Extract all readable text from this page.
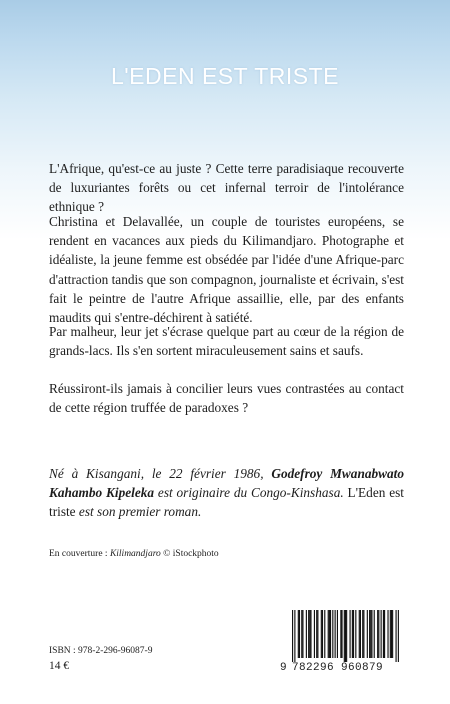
L'EDEN EST TRISTE

L'Afrique, qu'est-ce au juste ? Cette terre paradisiaque recouverte de luxuriantes forêts ou cet infernal terroir de l'intolérance ethnique ?

Christina et Delavallée, un couple de touristes européens, se rendent en vacances aux pieds du Kilimandjaro. Photographe et idéaliste, la jeune femme est obsédée par l'idée d'une Afrique-parc d'attraction tandis que son compagnon, journaliste et écrivain, s'est fait le peintre de l'autre Afrique assaillie, elle, par des enfants maudits qui s'entre-déchirent à satiété.

Par malheur, leur jet s'écrase quelque part au cœur de la région de grands-lacs. Ils s'en sortent miraculeusement sains et saufs.

Réussiront-ils jamais à concilier leurs vues contrastées au contact de cette région truffée de paradoxes ?

Né à Kisangani, le 22 février 1986, Godefroy Mwanabwato Kahambo Kipeleka est originaire du Congo-Kinshasa. L'Eden est triste est son premier roman.

En couverture : Kilimandjaro © iStockphoto

ISBN : 978-2-296-96087-9

14 €	9 782296 960879
